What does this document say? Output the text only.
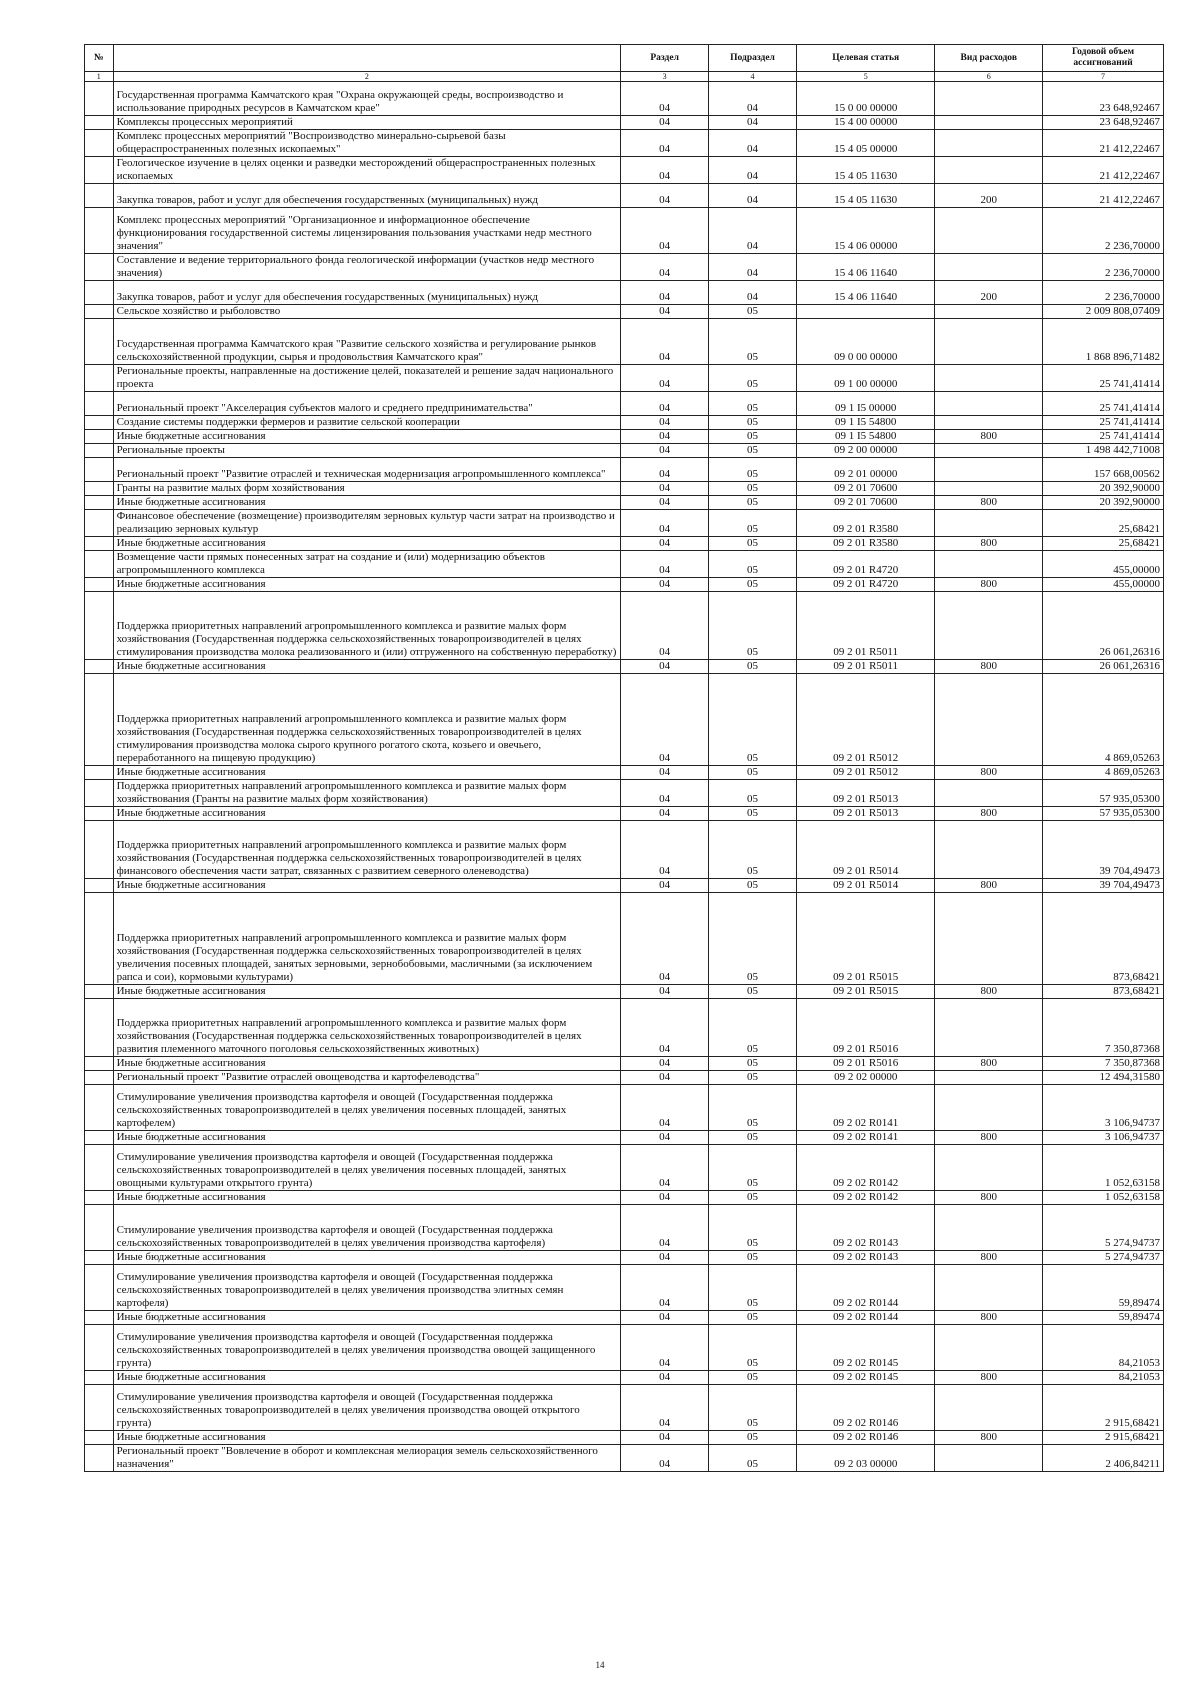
№		Раздел	Подраздел	Целевая статья	Вид расходов	Годовой объем ассигнований
1	2	3	4	5	6	7
	Государственная программа Камчатского края "Охрана окружающей среды, воспроизводство и использование природных ресурсов в Камчатском крае"	04	04	15 0 00 00000		23 648,92467
	Комплексы процессных мероприятий	04	04	15 4 00 00000		23 648,92467
	Комплекс процессных мероприятий "Воспроизводство минерально-сырьевой базы общераспространенных полезных ископаемых"	04	04	15 4 05 00000		21 412,22467
	Геологическое изучение в целях оценки и разведки месторождений общераспространенных полезных ископаемых	04	04	15 4 05 11630		21 412,22467
	Закупка товаров, работ и услуг для обеспечения государственных (муниципальных) нужд	04	04	15 4 05 11630	200	21 412,22467
	Комплекс процессных мероприятий "Организационное и информационное обеспечение функционирования государственной системы лицензирования пользования участками недр местного значения"	04	04	15 4 06 00000		2 236,70000
	Составление и ведение территориального фонда геологической информации (участков недр местного значения)	04	04	15 4 06 11640		2 236,70000
	Закупка товаров, работ и услуг для обеспечения государственных (муниципальных) нужд	04	04	15 4 06 11640	200	2 236,70000
	Сельское хозяйство и рыболовство	04	05			2 009 808,07409
	Государственная программа Камчатского края "Развитие сельского хозяйства и регулирование рынков сельскохозяйственной продукции, сырья и продовольствия Камчатского края"	04	05	09 0 00 00000		1 868 896,71482
	Региональные проекты, направленные на достижение целей, показателей и решение задач национального проекта	04	05	09 1 00 00000		25 741,41414
	Региональный проект "Акселерация субъектов малого и среднего предпринимательства"	04	05	09 1 I5 00000		25 741,41414
	Создание системы поддержки фермеров и развитие сельской кооперации	04	05	09 1 I5 54800		25 741,41414
	Иные бюджетные ассигнования	04	05	09 1 I5 54800	800	25 741,41414
	Региональные проекты	04	05	09 2 00 00000		1 498 442,71008
	Региональный проект "Развитие отраслей и техническая модернизация агропромышленного комплекса"	04	05	09 2 01 00000		157 668,00562
	Гранты на развитие малых форм хозяйствования	04	05	09 2 01 70600		20 392,90000
	Иные бюджетные ассигнования	04	05	09 2 01 70600	800	20 392,90000
	Финансовое обеспечение (возмещение) производителям зерновых культур части затрат на производство и реализацию зерновых культур	04	05	09 2 01 R3580		25,68421
	Иные бюджетные ассигнования	04	05	09 2 01 R3580	800	25,68421
	Возмещение части прямых понесенных затрат на создание и (или) модернизацию объектов агропромышленного комплекса	04	05	09 2 01 R4720		455,00000
	Иные бюджетные ассигнования	04	05	09 2 01 R4720	800	455,00000
	Поддержка приоритетных направлений агропромышленного комплекса и развитие малых форм хозяйствования (Государственная поддержка сельскохозяйственных товаропроизводителей в целях стимулирования производства молока реализованного и (или) отгруженного на собственную переработку)	04	05	09 2 01 R5011		26 061,26316
	Иные бюджетные ассигнования	04	05	09 2 01 R5011	800	26 061,26316
	Поддержка приоритетных направлений агропромышленного комплекса и развитие малых форм хозяйствования (Государственная поддержка сельскохозяйственных товаропроизводителей в целях стимулирования производства молока сырого крупного рогатого скота, козьего и овечьего, переработанного на пищевую продукцию)	04	05	09 2 01 R5012		4 869,05263
	Иные бюджетные ассигнования	04	05	09 2 01 R5012	800	4 869,05263
	Поддержка приоритетных направлений агропромышленного комплекса и развитие малых форм хозяйствования (Гранты на развитие малых форм хозяйствования)	04	05	09 2 01 R5013		57 935,05300
	Иные бюджетные ассигнования	04	05	09 2 01 R5013	800	57 935,05300
	Поддержка приоритетных направлений агропромышленного комплекса и развитие малых форм хозяйствования (Государственная поддержка сельскохозяйственных товаропроизводителей в целях финансового обеспечения части затрат, связанных с развитием северного оленеводства)	04	05	09 2 01 R5014		39 704,49473
	Иные бюджетные ассигнования	04	05	09 2 01 R5014	800	39 704,49473
	Поддержка приоритетных направлений агропромышленного комплекса и развитие малых форм хозяйствования (Государственная поддержка сельскохозяйственных товаропроизводителей в целях увеличения посевных площадей, занятых зерновыми, зернобобовыми, масличными (за исключением рапса и сои), кормовыми культурами)	04	05	09 2 01 R5015		873,68421
	Иные бюджетные ассигнования	04	05	09 2 01 R5015	800	873,68421
	Поддержка приоритетных направлений агропромышленного комплекса и развитие малых форм хозяйствования (Государственная поддержка сельскохозяйственных товаропроизводителей в целях развития племенного маточного поголовья сельскохозяйственных животных)	04	05	09 2 01 R5016		7 350,87368
	Иные бюджетные ассигнования	04	05	09 2 01 R5016	800	7 350,87368
	Региональный проект "Развитие отраслей овощеводства и картофелеводства"	04	05	09 2 02 00000		12 494,31580
	Стимулирование увеличения производства картофеля и овощей (Государственная поддержка сельскохозяйственных товаропроизводителей в целях увеличения посевных площадей, занятых картофелем)	04	05	09 2 02 R0141		3 106,94737
	Иные бюджетные ассигнования	04	05	09 2 02 R0141	800	3 106,94737
	Стимулирование увеличения производства картофеля и овощей (Государственная поддержка сельскохозяйственных товаропроизводителей в целях увеличения посевных площадей, занятых овощными культурами открытого грунта)	04	05	09 2 02 R0142		1 052,63158
	Иные бюджетные ассигнования	04	05	09 2 02 R0142	800	1 052,63158
	Стимулирование увеличения производства картофеля и овощей (Государственная поддержка сельскохозяйственных товаропроизводителей в целях увеличения производства картофеля)	04	05	09 2 02 R0143		5 274,94737
	Иные бюджетные ассигнования	04	05	09 2 02 R0143	800	5 274,94737
	Стимулирование увеличения производства картофеля и овощей (Государственная поддержка сельскохозяйственных товаропроизводителей в целях увеличения производства элитных семян картофеля)	04	05	09 2 02 R0144		59,89474
	Иные бюджетные ассигнования	04	05	09 2 02 R0144	800	59,89474
	Стимулирование увеличения производства картофеля и овощей (Государственная поддержка сельскохозяйственных товаропроизводителей в целях увеличения производства овощей защищенного грунта)	04	05	09 2 02 R0145		84,21053
	Иные бюджетные ассигнования	04	05	09 2 02 R0145	800	84,21053
	Стимулирование увеличения производства картофеля и овощей (Государственная поддержка сельскохозяйственных товаропроизводителей в целях увеличения производства овощей открытого грунта)	04	05	09 2 02 R0146		2 915,68421
	Иные бюджетные ассигнования	04	05	09 2 02 R0146	800	2 915,68421
	Региональный проект "Вовлечение в оборот и комплексная мелиорация земель сельскохозяйственного назначения"	04	05	09 2 03 00000		2 406,84211
14
